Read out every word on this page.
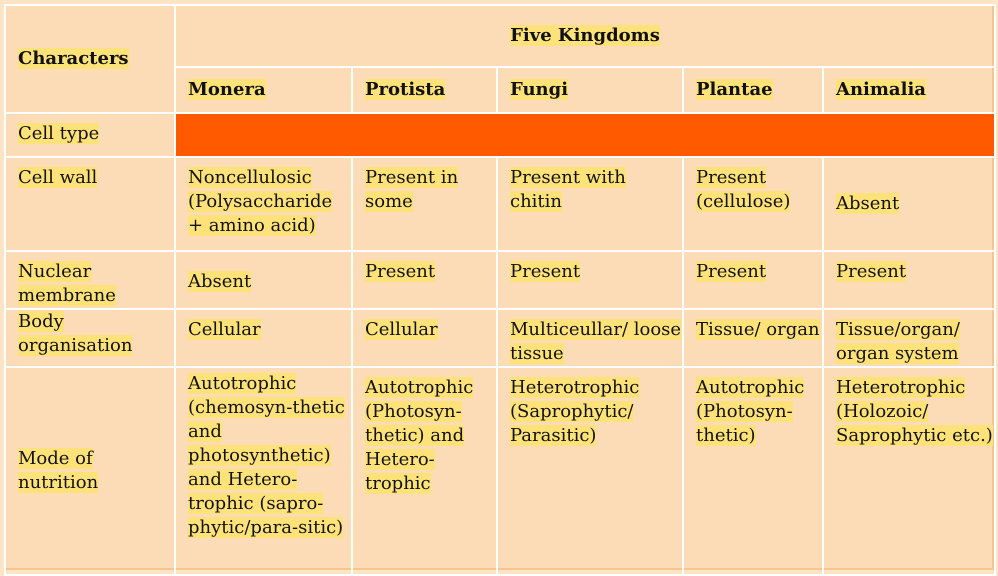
Characters	Five Kingdoms				
	Monera	Protista	Fungi	Plantae	Animalia
Cell type					
Cell wall	Noncellulosic (Polysaccharide + amino acid)	Present in some	Present with chitin	Present (cellulose)	Absent
Nuclear membrane	Absent	Present	Present	Present	Present
Body organisation	Cellular	Cellular	Multiceullar/ loose tissue	Tissue/ organ	Tissue/organ/ organ system
Mode of nutrition	Autotrophic (chemosyn-thetic and photosynthetic) and Hetero-trophic (sapro-phytic/para-sitic)	Autotrophic (Photosyn-thetic) and Hetero-trophic	Heterotrophic (Saprophytic/ Parasitic)	Autotrophic (Photosyn-thetic)	Heterotrophic (Holozoic/ Saprophytic etc.)
